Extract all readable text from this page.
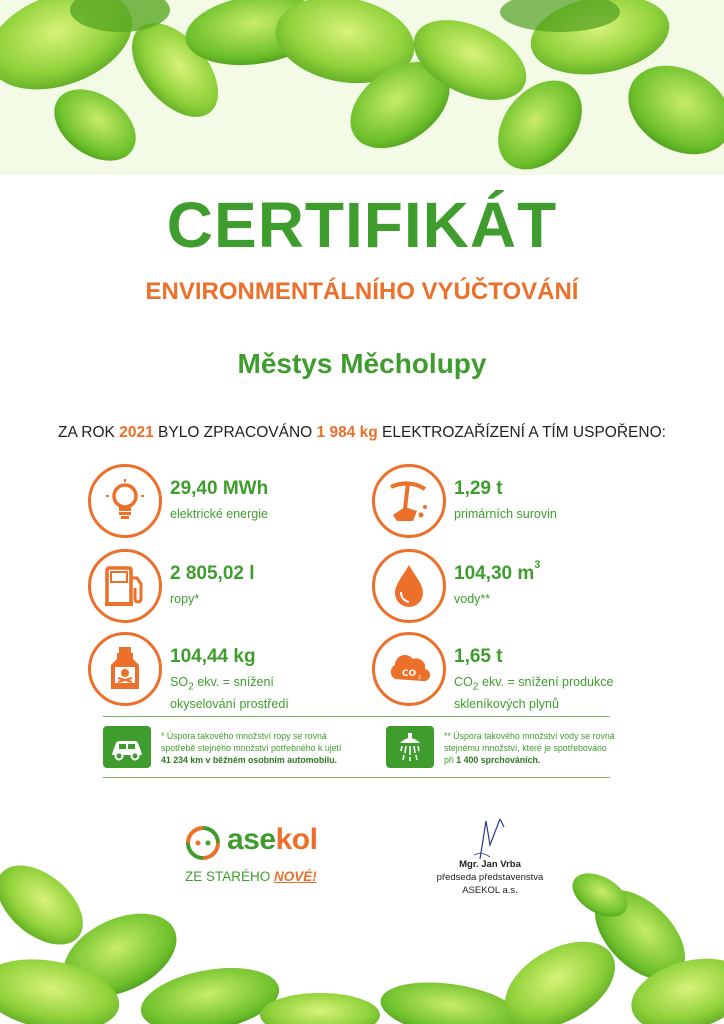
CERTIFIKÁT
ENVIRONMENTÁLNÍHO VYÚČTOVÁNÍ
Městys Měcholupy

ZA ROK 2021 BYLO ZPRACOVÁNO 1 984 kg ELEKTROZAŘÍZENÍ A TÍM USPOŘENO:

29,40 MWh
elektrické energie
1,29 t
primárních surovin
2 805,02 l
ropy*
104,30 $m^3$
vody**
104,44 kg
$SO_2$ ekv. = snížení
okyselování prostředí
CO 2
1,65 t
$CO_2$ ekv. = snížení produkce
skleníkových plynů
* Úspora takového množství ropy se rovná
spotřebě stejného množství potřebného k ujetí
41 234 km v běžném osobním automobilu.
** Úspora takového množství vody se rovná
stejnému množství, které je spotřebováno
při 1 400 sprchováních.
asekol
ZE STARÉHO NOVÉ!
Mgr. Jan Vrba
předseda představenstva
ASEKOL a.s.
